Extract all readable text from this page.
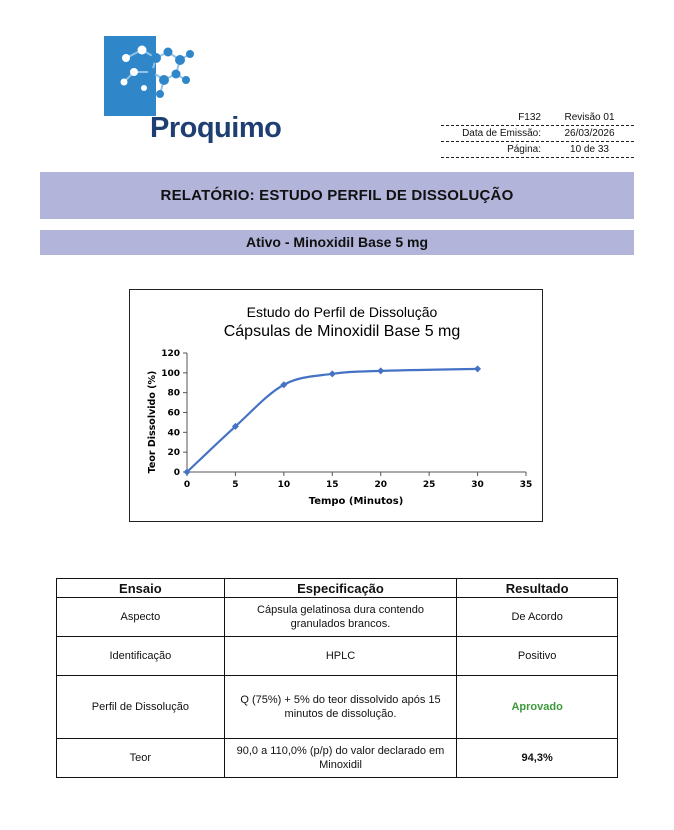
Proquimo	F132	Revisão 01
Data de Emissão:	26/03/2026
Página:	10 de 33
RELATÓRIO: ESTUDO PERFIL DE DISSOLUÇÃO
Ativo - Minoxidil Base 5 mg
Estudo do Perfil de Dissolução
Cápsulas de Minoxidil Base 5 mg
Teor Dissolvido (%)
Tempo (Minutos)
0
20
40
60
80
100
120
0	5	10	15	20	25	30	35
Ensaio	Especificação	Resultado
Aspecto	Cápsula gelatinosa dura contendo granulados brancos.	De Acordo
Identificação	HPLC	Positivo
Perfil de Dissolução	Q (75%) + 5% do teor dissolvido após 15 minutos de dissolução.	Aprovado
Teor	90,0 a 110,0% (p/p) do valor declarado em Minoxidil	94,3%
